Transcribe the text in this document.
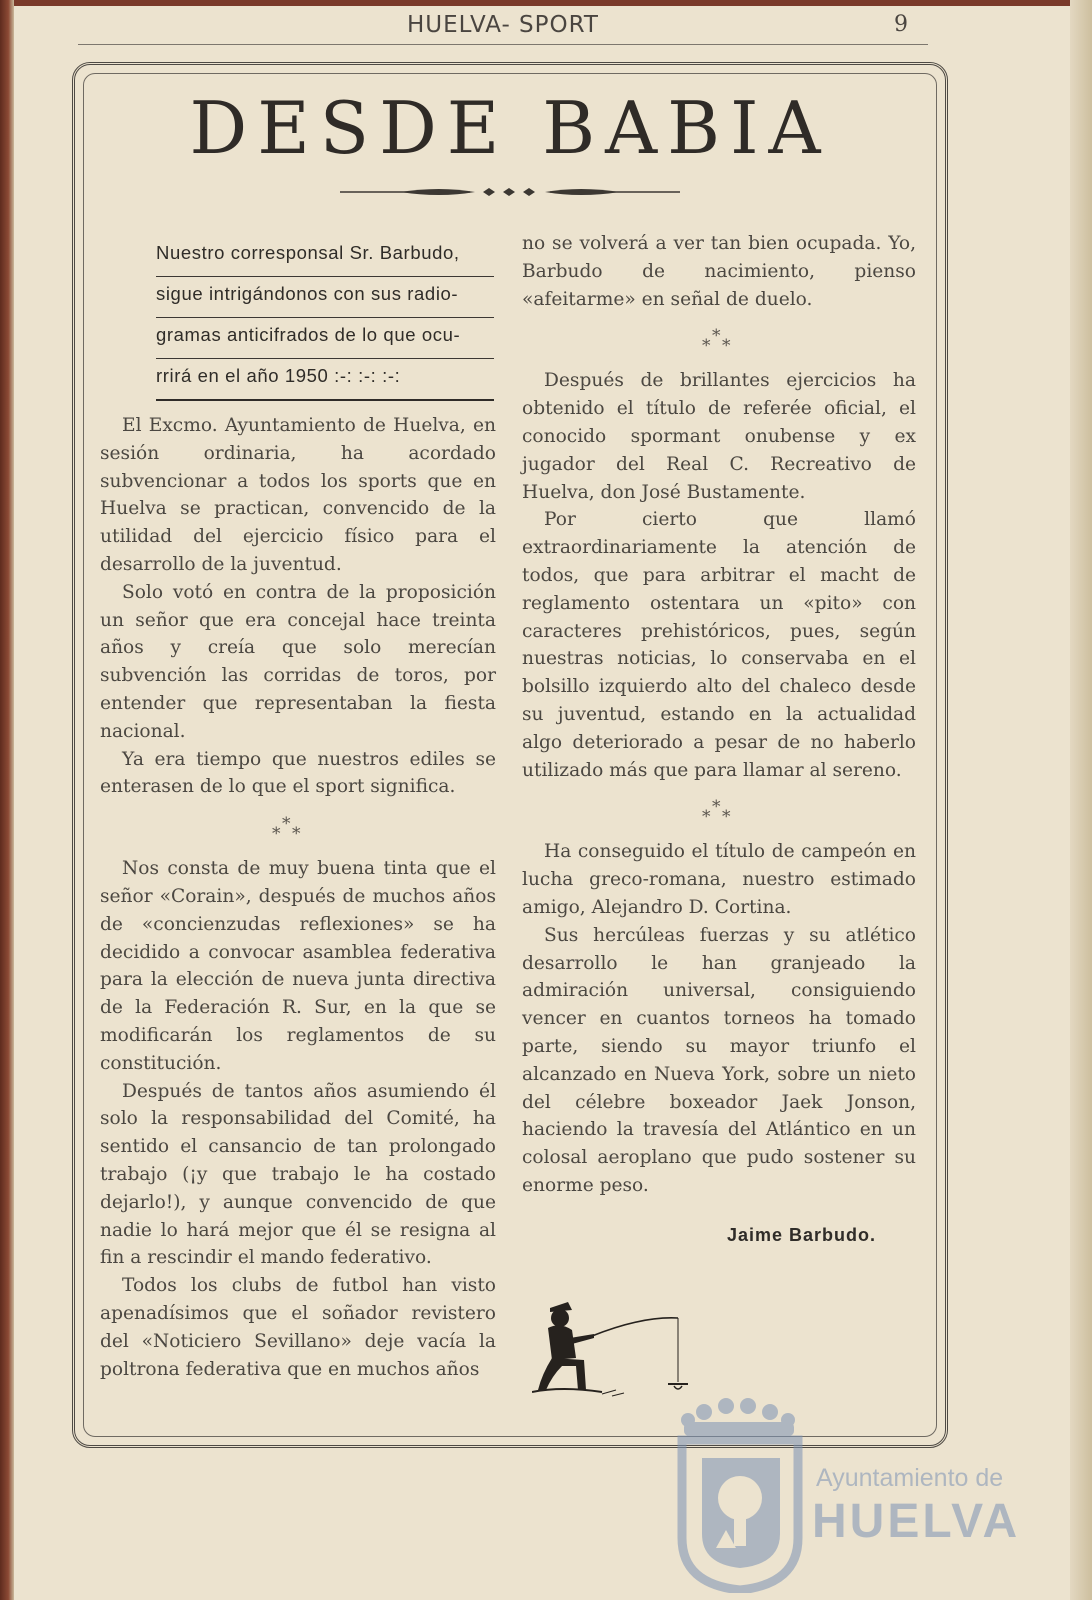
HUELVA- SPORT	9
DESDE BABIA
Nuestro corresponsal Sr. Barbudo,
sigue intrigándonos con sus radio-
gramas anticifrados de lo que ocu-
rrirá en el año 1950 :-: :-: :-:

El Excmo. Ayuntamiento de Huelva, en sesión ordinaria, ha acordado subvencionar a todos los sports que en Huelva se practican, convencido de la utilidad del ejercicio físico para el desarrollo de la juventud.

Solo votó en contra de la proposición un señor que era concejal hace treinta años y creía que solo merecían subvención las corridas de toros, por entender que representaban la fiesta nacional.

Ya era tiempo que nuestros ediles se enterasen de lo que el sport significa.

*
* *

Nos consta de muy buena tinta que el señor «Corain», después de muchos años de «concienzudas reflexiones» se ha decidido a convocar asamblea federativa para la elección de nueva junta directiva de la Federación R. Sur, en la que se modificarán los reglamentos de su constitución.

Después de tantos años asumiendo él solo la responsabilidad del Comité, ha sentido el cansancio de tan prolongado trabajo (¡y que trabajo le ha costado dejarlo!), y aunque convencido de que nadie lo hará mejor que él se resigna al fin a rescindir el mando federativo.

Todos los clubs de futbol han visto apenadísimos que el soñador revistero del «Noticiero Sevillano» deje vacía la poltrona federativa que en muchos años

no se volverá a ver tan bien ocupada. Yo, Barbudo de nacimiento, pienso «afeitarme» en señal de duelo.

*
* *

Después de brillantes ejercicios ha obtenido el título de referée oficial, el conocido spormant onubense y ex jugador del Real C. Recreativo de Huelva, don José Bustamente.

Por cierto que llamó extraordinariamente la atención de todos, que para arbitrar el macht de reglamento ostentara un «pito» con caracteres prehistóricos, pues, según nuestras noticias, lo conservaba en el bolsillo izquierdo alto del chaleco desde su juventud, estando en la actualidad algo deteriorado a pesar de no haberlo utilizado más que para llamar al sereno.

*
* *

Ha conseguido el título de campeón en lucha greco-romana, nuestro estimado amigo, Alejandro D. Cortina.

Sus hercúleas fuerzas y su atlético desarrollo le han granjeado la admiración universal, consiguiendo vencer en cuantos torneos ha tomado parte, siendo su mayor triunfo el alcanzado en Nueva York, sobre un nieto del célebre boxeador Jaek Jonson, haciendo la travesía del Atlántico en un colosal aeroplano que pudo sostener su enorme peso.

Jaime Barbudo.
Ayuntamiento de
HUELVA
